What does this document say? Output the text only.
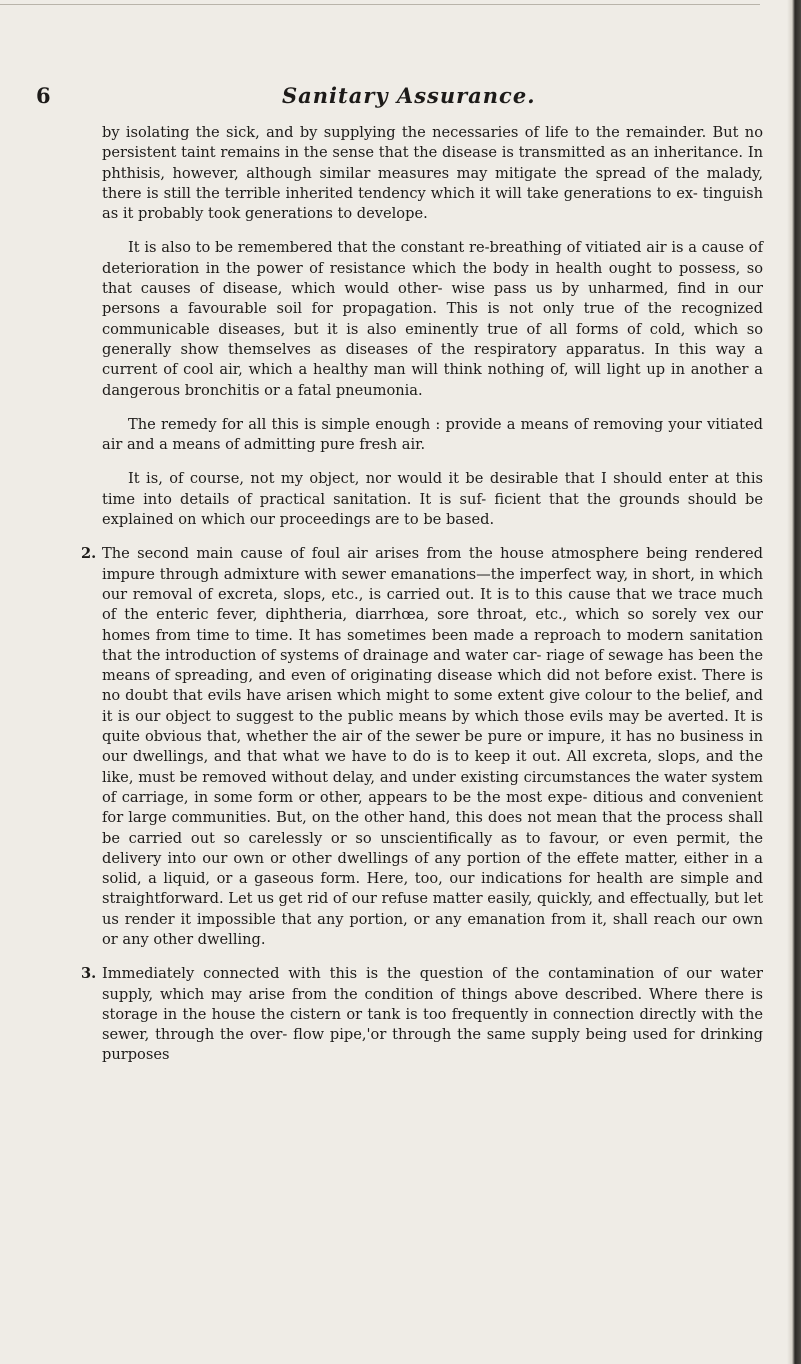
6	Sanitary Assurance.

by isolating the sick, and by supplying the necessaries of life to the remainder. But no persistent taint remains in the sense that the disease is transmitted as an inheritance. In phthisis, however, although similar measures may mitigate the spread of the malady, there is still the terrible inherited tendency which it will take generations to ex- tinguish as it probably took generations to develope.

It is also to be remembered that the constant re-breathing of vitiated air is a cause of deterioration in the power of resistance which the body in health ought to possess, so that causes of disease, which would other- wise pass us by unharmed, find in our persons a favourable soil for propagation. This is not only true of the recognized communicable diseases, but it is also eminently true of all forms of cold, which so generally show themselves as diseases of the respiratory apparatus. In this way a current of cool air, which a healthy man will think nothing of, will light up in another a dangerous bronchitis or a fatal pneumonia.

The remedy for all this is simple enough : provide a means of removing your vitiated air and a means of admitting pure fresh air.

It is, of course, not my object, nor would it be desirable that I should enter at this time into details of practical sanitation. It is suf- ficient that the grounds should be explained on which our proceedings are to be based.

2. The second main cause of foul air arises from the house atmosphere being rendered impure through admixture with sewer emanations—the imperfect way, in short, in which our removal of excreta, slops, etc., is carried out. It is to this cause that we trace much of the enteric fever, diphtheria, diarrhœa, sore throat, etc., which so sorely vex our homes from time to time. It has sometimes been made a reproach to modern sanitation that the introduction of systems of drainage and water car- riage of sewage has been the means of spreading, and even of originating disease which did not before exist. There is no doubt that evils have arisen which might to some extent give colour to the belief, and it is our object to suggest to the public means by which those evils may be averted. It is quite obvious that, whether the air of the sewer be pure or impure, it has no business in our dwellings, and that what we have to do is to keep it out. All excreta, slops, and the like, must be removed without delay, and under existing circumstances the water system of carriage, in some form or other, appears to be the most expe- ditious and convenient for large communities. But, on the other hand, this does not mean that the process shall be carried out so carelessly or so unscientifically as to favour, or even permit, the delivery into our own or other dwellings of any portion of the effete matter, either in a solid, a liquid, or a gaseous form. Here, too, our indications for health are simple and straightforward. Let us get rid of our refuse matter easily, quickly, and effectually, but let us render it impossible that any portion, or any emanation from it, shall reach our own or any other dwelling.

3. Immediately connected with this is the question of the contamination of our water supply, which may arise from the condition of things above described. Where there is storage in the house the cistern or tank is too frequently in connection directly with the sewer, through the over- flow pipe,'or through the same supply being used for drinking purposes
